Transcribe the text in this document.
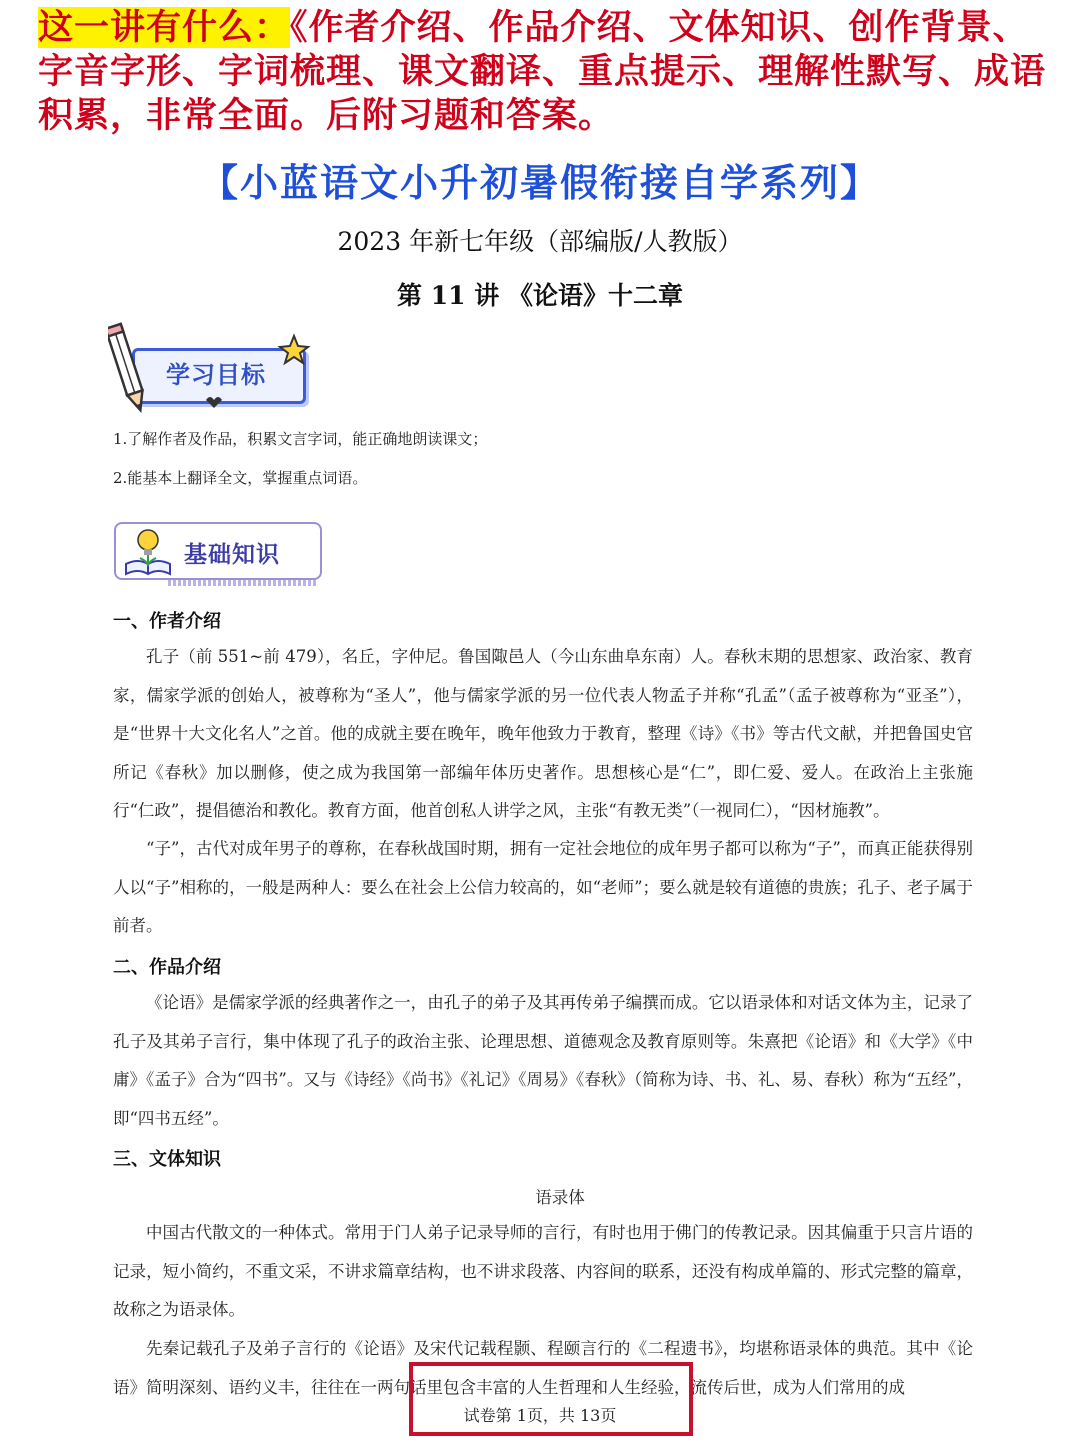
这一讲有什么：《作者介绍、作品介绍、文体知识、创作背景、字音字形、字词梳理、课文翻译、重点提示、理解性默写、成语积累，非常全面。后附习题和答案。
【小蓝语文小升初暑假衔接自学系列】
2023 年新七年级（部编版/人教版）
第 11 讲 《论语》十二章
学习目标
1.了解作者及作品，积累文言字词，能正确地朗读课文；
2.能基本上翻译全文，掌握重点词语。
基础知识
一、作者介绍
孔子（前 551~前 479），名丘，字仲尼。鲁国陬邑人（今山东曲阜东南）人。春秋末期的思想家、政治家、教育家，儒家学派的创始人，被尊称为“圣人”，他与儒家学派的另一位代表人物孟子并称“孔孟”（孟子被尊称为“亚圣”），是“世界十大文化名人”之首。他的成就主要在晚年，晚年他致力于教育，整理《诗》《书》等古代文献，并把鲁国史官所记《春秋》加以删修，使之成为我国第一部编年体历史著作。思想核心是“仁”，即仁爱、爱人。在政治上主张施行“仁政”，提倡德治和教化。教育方面，他首创私人讲学之风，主张“有教无类”（一视同仁），“因材施教”。
“子”，古代对成年男子的尊称，在春秋战国时期，拥有一定社会地位的成年男子都可以称为“子”，而真正能获得别人以“子”相称的，一般是两种人：要么在社会上公信力较高的，如“老师”；要么就是较有道德的贵族；孔子、老子属于前者。
二、作品介绍
《论语》是儒家学派的经典著作之一，由孔子的弟子及其再传弟子编撰而成。它以语录体和对话文体为主，记录了孔子及其弟子言行，集中体现了孔子的政治主张、论理思想、道德观念及教育原则等。朱熹把《论语》和《大学》《中庸》《孟子》合为“四书”。又与《诗经》《尚书》《礼记》《周易》《春秋》（简称为诗、书、礼、易、春秋）称为“五经”，即“四书五经”。
三、文体知识
语录体
中国古代散文的一种体式。常用于门人弟子记录导师的言行，有时也用于佛门的传教记录。因其偏重于只言片语的记录，短小简约，不重文采，不讲求篇章结构，也不讲求段落、内容间的联系，还没有构成单篇的、形式完整的篇章，故称之为语录体。
先秦记载孔子及弟子言行的《论语》及宋代记载程颢、程颐言行的《二程遗书》，均堪称语录体的典范。其中《论语》简明深刻、语约义丰，往往在一两句话里包含丰富的人生哲理和人生经验，流传后世，成为人们常用的成
试卷第 1页，共 13页
